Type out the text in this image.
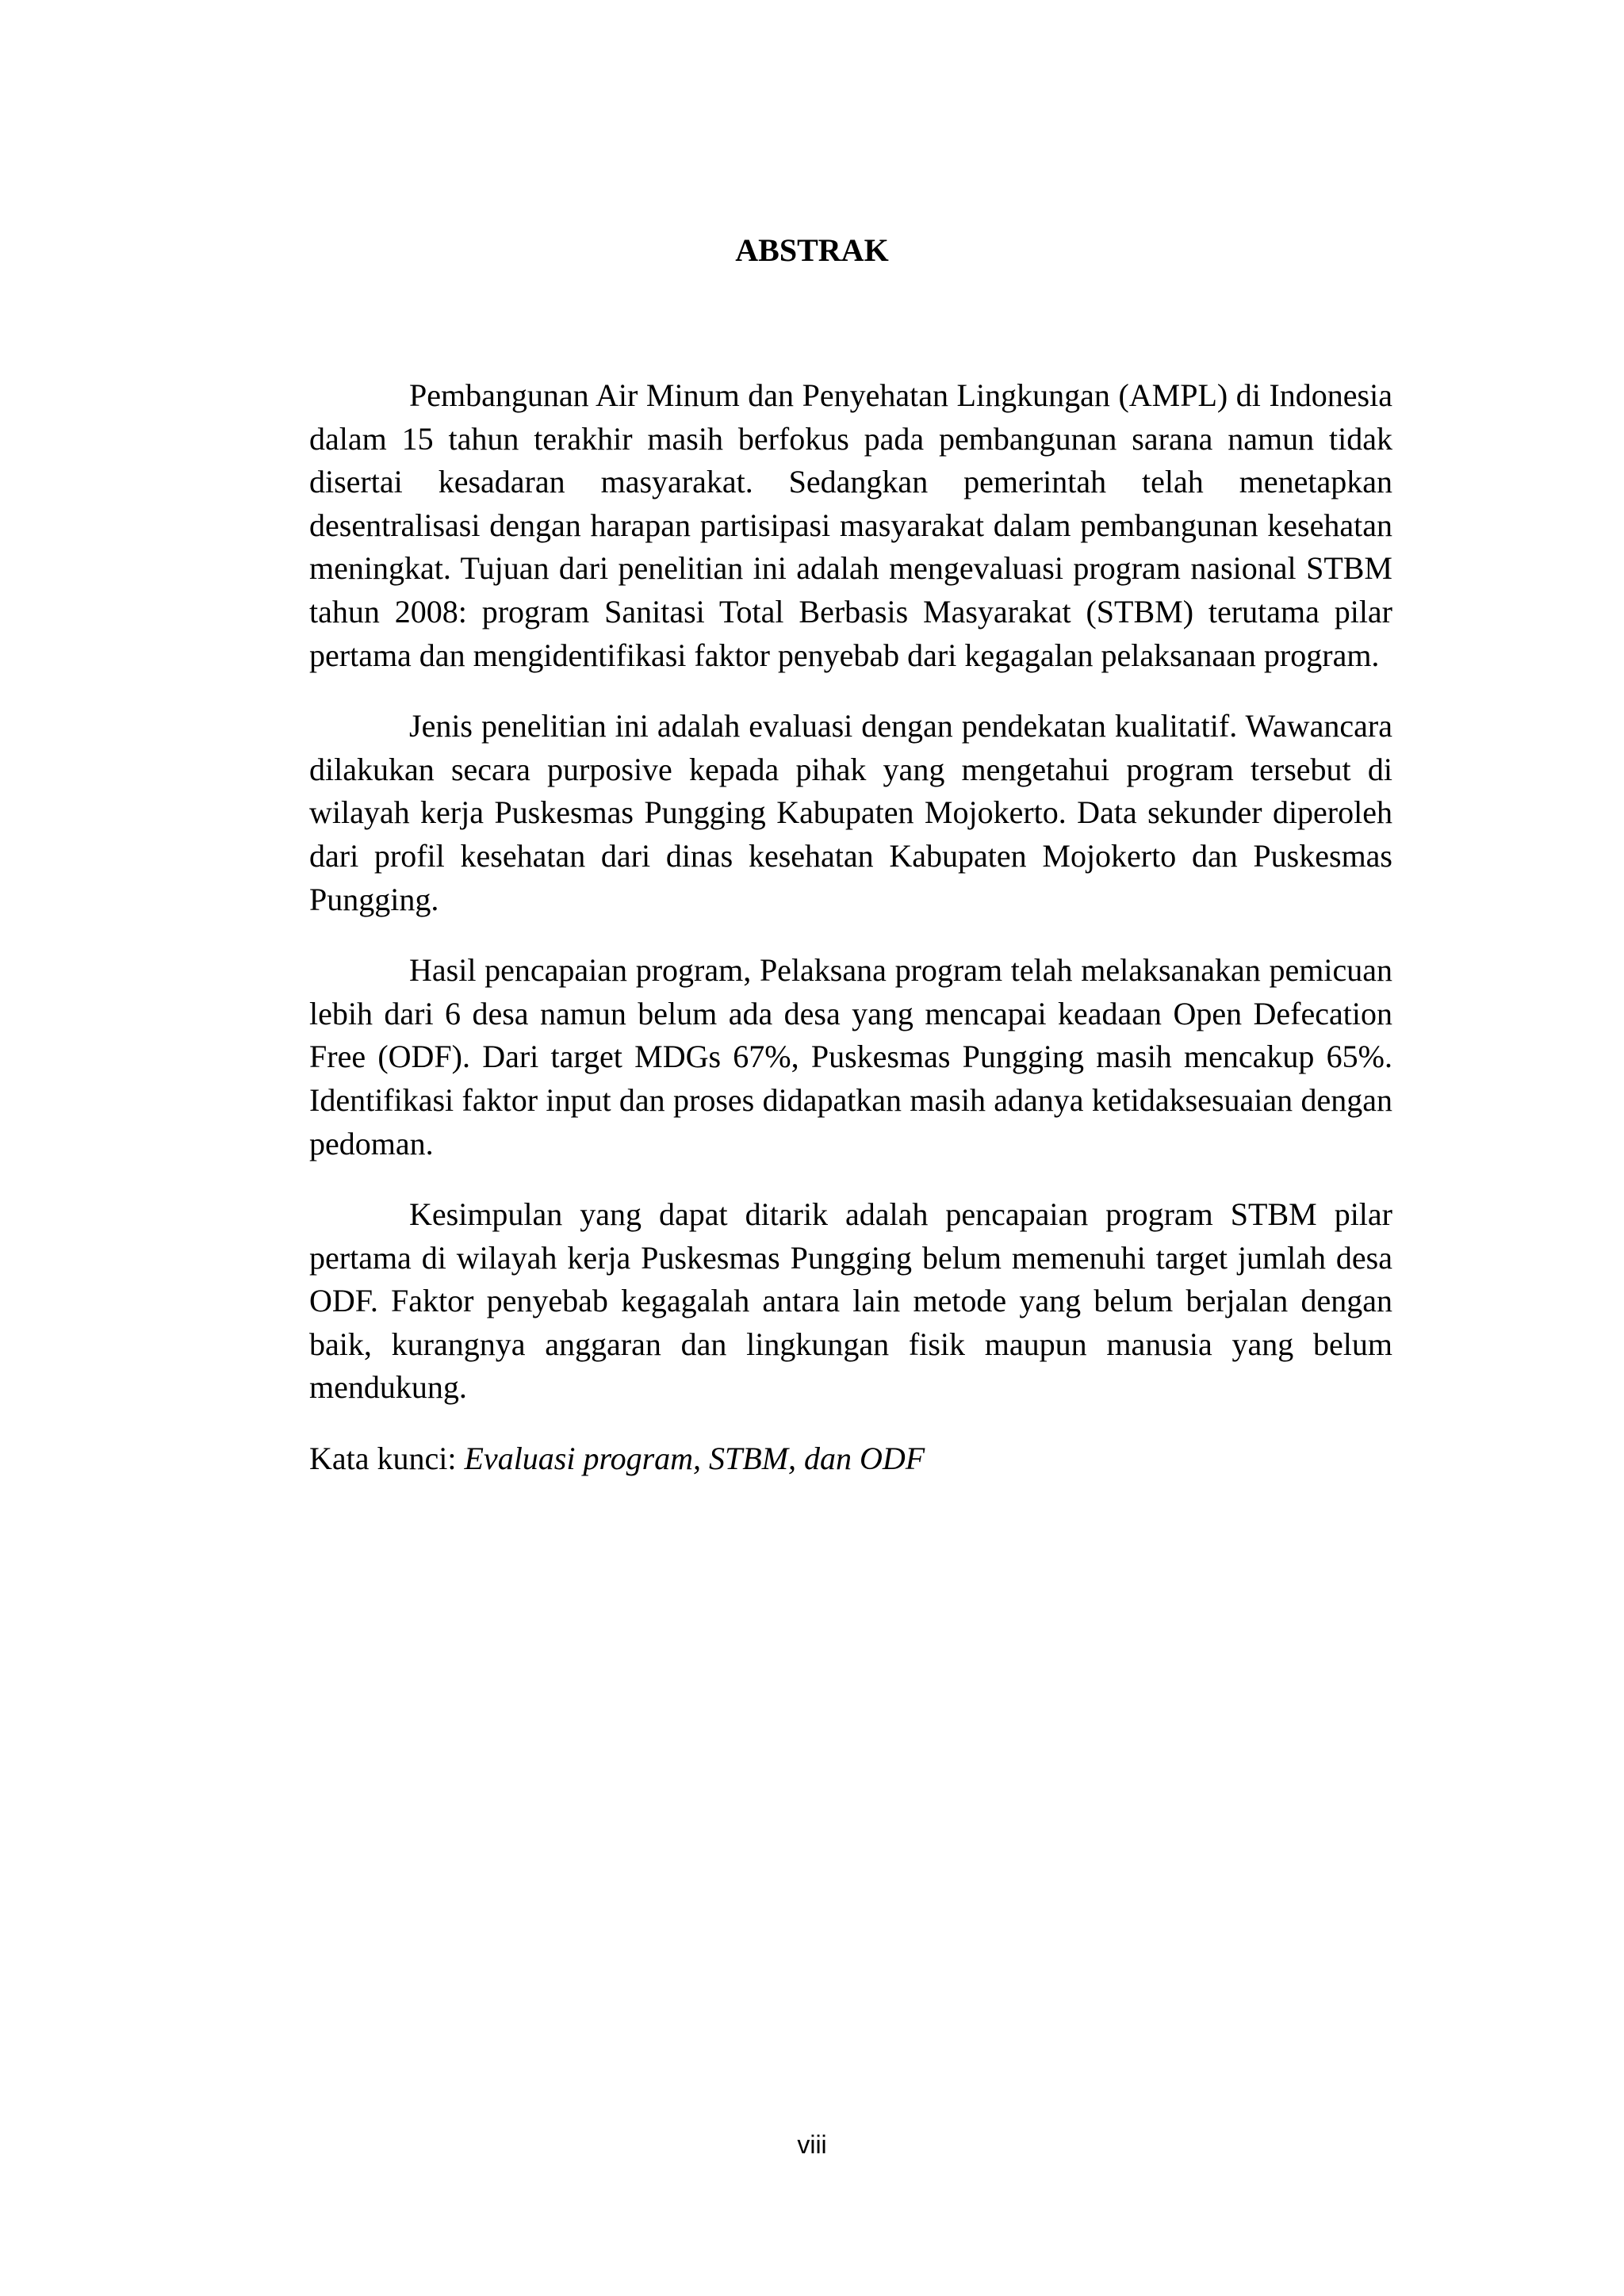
ABSTRAK

Pembangunan Air Minum dan Penyehatan Lingkungan (AMPL) di Indonesia dalam 15 tahun terakhir masih berfokus pada pembangunan sarana namun tidak disertai kesadaran masyarakat. Sedangkan pemerintah telah menetapkan desentralisasi dengan harapan partisipasi masyarakat dalam pembangunan kesehatan meningkat. Tujuan dari penelitian ini adalah mengevaluasi program nasional STBM tahun 2008: program Sanitasi Total Berbasis Masyarakat (STBM) terutama pilar pertama dan mengidentifikasi faktor penyebab dari kegagalan pelaksanaan program.

Jenis penelitian ini adalah evaluasi dengan pendekatan kualitatif. Wawancara dilakukan secara purposive kepada pihak yang mengetahui program tersebut di wilayah kerja Puskesmas Pungging Kabupaten Mojokerto. Data sekunder diperoleh dari profil kesehatan dari dinas kesehatan Kabupaten Mojokerto dan Puskesmas Pungging.

Hasil pencapaian program, Pelaksana program telah melaksanakan pemicuan lebih dari 6 desa namun belum ada desa yang mencapai keadaan Open Defecation Free (ODF). Dari target MDGs 67%, Puskesmas Pungging masih mencakup 65%. Identifikasi faktor input dan proses didapatkan masih adanya ketidaksesuaian dengan pedoman.

Kesimpulan yang dapat ditarik adalah pencapaian program STBM pilar pertama di wilayah kerja Puskesmas Pungging belum memenuhi target jumlah desa ODF. Faktor penyebab kegagalah antara lain metode yang belum berjalan dengan baik, kurangnya anggaran dan lingkungan fisik maupun manusia yang belum mendukung.

Kata kunci: Evaluasi program, STBM, dan ODF

viii
